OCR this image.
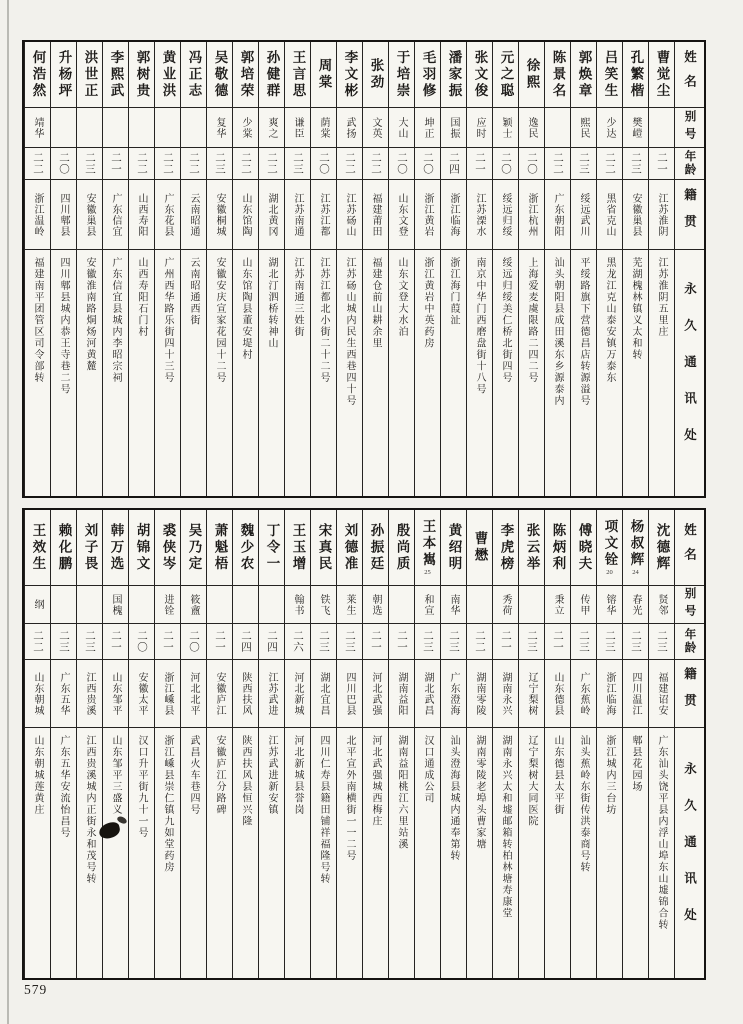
姓名
别号
年龄
籍贯
永久通讯处
曹觉尘
二一
江苏淮阴
江苏淮阴五里庄
孔繁楷
樊嵦
二三
安徽巢县
芜湖槐林镇义太和转
吕笑生
少达
二二
黑省克山
黑龙江克山泰安镇万泰东
郭焕章
熙民
二三
绥远武川
平绥路旗下营德昌店转源溢号
陈景名
二二
广东朝阳
汕头朝阳县成田溪东乡源泰内
徐熙
逸民
二〇
浙江杭州
上海爱麦虞限路二四二号
元之聪
颖士
二〇
绥远归绥
绥远归绥美仁桥北街四号
张文俊
应时
二一
江苏溧水
南京中华门西磨盘街十八号
潘家振
国振
二四
浙江临海
浙江海门葭沚
毛羽修
坤正
二〇
浙江黄岩
浙江黄岩中英药房
于培崇
大山
二〇
山东文登
山东文登大水泊
张劲
文英
二二
福建莆田
福建仓前山耕余里
李文彬
武扬
二二
江苏砀山
江苏砀山城内民生西巷四十号
周棠
荫棠
二〇
江苏江都
江苏江都北小街二十二号
王言思
谦臣
二三
江苏南通
江苏南通三姓街
孙健群
爽之
二二
湖北黄冈
湖北汀泗桥转神山
郭培荣
少棠
二二
山东馆陶
山东馆陶县董安堤村
吴敬德
复华
二三
安徽桐城
安徽安庆宣家花园十二号
冯正志
二二
云南昭通
云南昭通西街
黄业洪
二二
广东花县
广州西华路乐街四十三号
郭树贵
二二
山西寿阳
山西寿阳石门村
李熙武
二一
广东信宜
广东信宜县城内李昭宗祠
洪世正
二三
安徽巢县
安徽淮南路烔炀河黄麓
升杨坪
二〇
四川郫县
四川郫县城内恭王寺巷二号
何浩然
靖华
二二
浙江温岭
福建南平团管区司令部转
姓名
别号
年龄
籍贯
永久通讯处
沈德辉
贤邻
二三
福建诏安
广东汕头饶平县内浮山埠东山墟锦合转
杨叔辉
24
春光
二三
四川温江
郫县花园场
项文铨
20
镕华
二三
浙江临海
浙江城内三台坊
傅晓夫
传甲
二三
广东蕉岭
汕头蕉岭东街传洪泰商号转
陈炳利
秉立
二一
山东德县
山东德县太平街
张云举
二三
辽宁梨树
辽宁梨树大同医院
李虎榜
秀荷
二一
湖南永兴
湖南永兴太和墟邮箱转柏林塘寿康堂
曹懋
二二
湖南零陵
湖南零陵老埠头曹家塘
黄绍明
南华
二三
广东澄海
汕头澄海县城内通奉第转
王本嶲
25
和宣
二三
湖北武昌
汉口通成公司
殷尚质
二一
湖南益阳
湖南益阳桃江六里站溪
孙振廷
朝选
二一
河北武强
河北武强城西梅庄
刘德准
莱生
二三
四川巴县
北平宣外南横街一一二号
宋真民
铁飞
二三
湖北宜昌
四川仁寿县籍田铺祥福隆号转
王玉增
翰书
二六
河北新城
河北新城县誉岗
丁令一
二四
江苏武进
江苏武进新安镇
魏少农
二四
陕西扶风
陕西扶风县恒兴隆
萧魁梧
二一
安徽庐江
安徽庐江分路碑
吴乃定
筱盦
二〇
河北北平
武昌火车巷四号
裘侠岑
进铨
二一
浙江嵊县
浙江嵊县崇仁镇九如堂药房
胡锦文
二〇
安徽太平
汉口升平街九十一号
韩万选
国槐
二一
山东邹平
山东邹平三盛义
刘子畏
二三
江西贵溪
江西贵溪城内正街永和茂号转
赖化鹏
二三
广东五华
广东五华安流怡昌号
王效生
纲
二二
山东朝城
山东朝城莲黄庄
579
